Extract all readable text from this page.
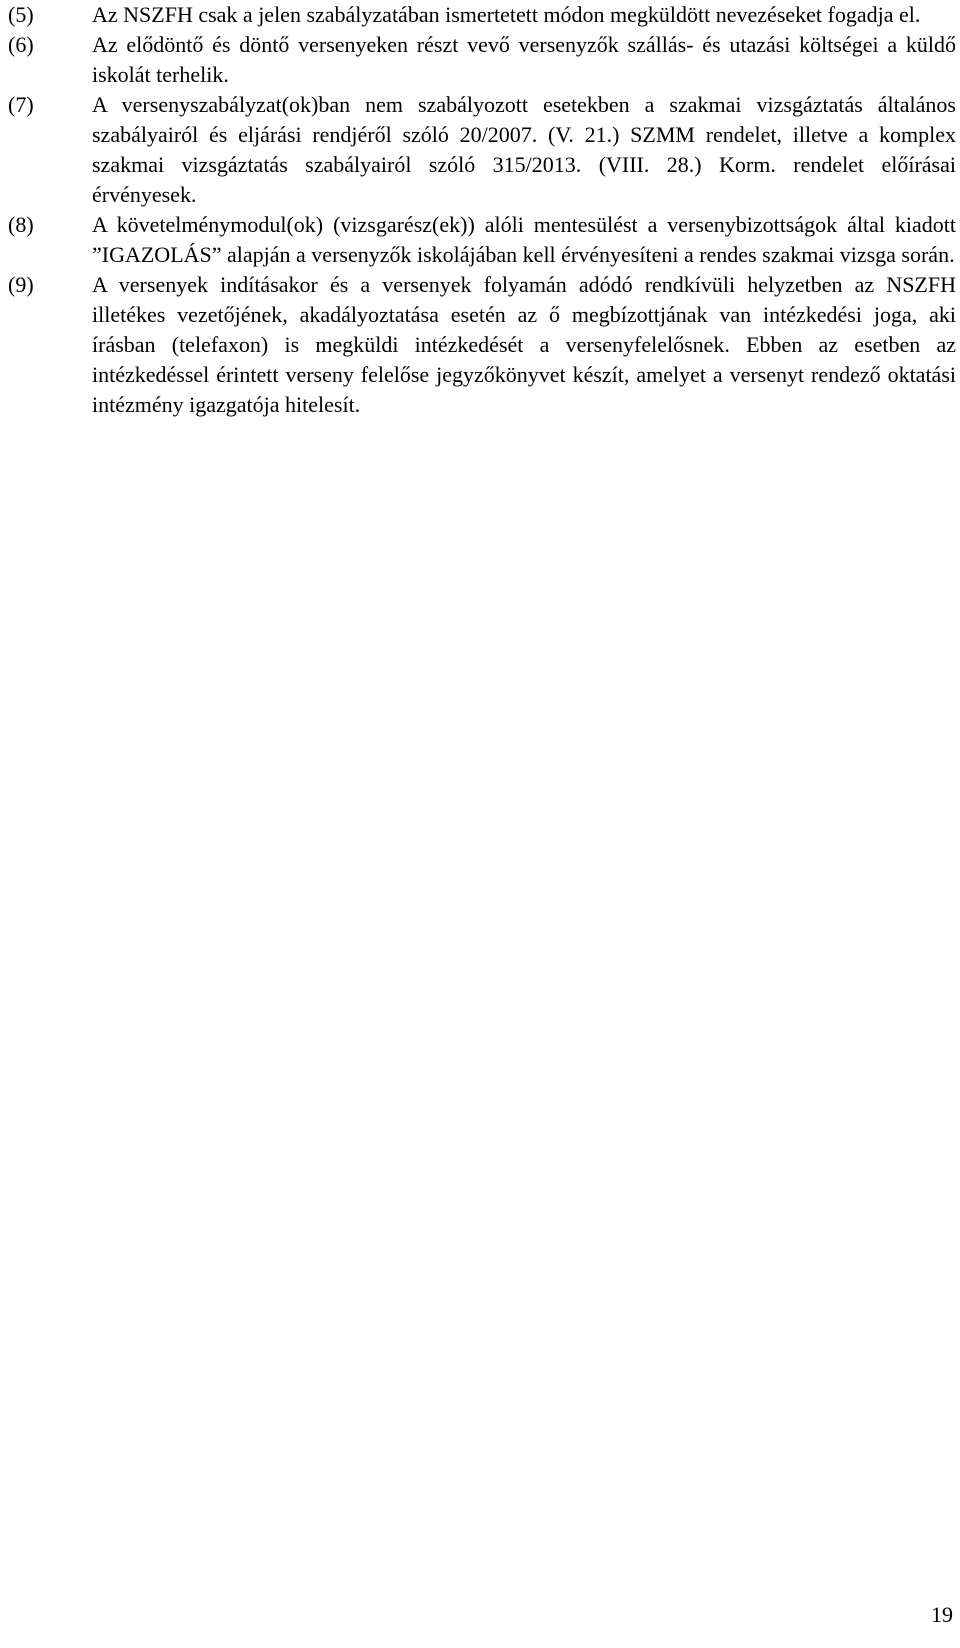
(5)	Az NSZFH csak a jelen szabályzatában ismertetett módon megküldött nevezéseket fogadja el.
(6)	Az elődöntő és döntő versenyeken részt vevő versenyzők szállás- és utazási költségei a küldő iskolát terhelik.
(7)	A versenyszabályzat(ok)ban nem szabályozott esetekben a szakmai vizsgáztatás általános szabályairól és eljárási rendjéről szóló 20/2007. (V. 21.) SZMM rendelet, illetve a komplex szakmai vizsgáztatás szabályairól szóló 315/2013. (VIII. 28.) Korm. rendelet előírásai érvényesek.
(8)	A követelménymodul(ok) (vizsgarész(ek)) alóli mentesülést a versenybizottságok által kiadott ”IGAZOLÁS” alapján a versenyzők iskolájában kell érvényesíteni a rendes szakmai vizsga során.
(9)	A versenyek indításakor és a versenyek folyamán adódó rendkívüli helyzetben az NSZFH illetékes vezetőjének, akadályoztatása esetén az ő megbízottjának van intézkedési joga, aki írásban (telefaxon) is megküldi intézkedését a versenyfelelősnek. Ebben az esetben az intézkedéssel érintett verseny felelőse jegyzőkönyvet készít, amelyet a versenyt rendező oktatási intézmény igazgatója hitelesít.
19
